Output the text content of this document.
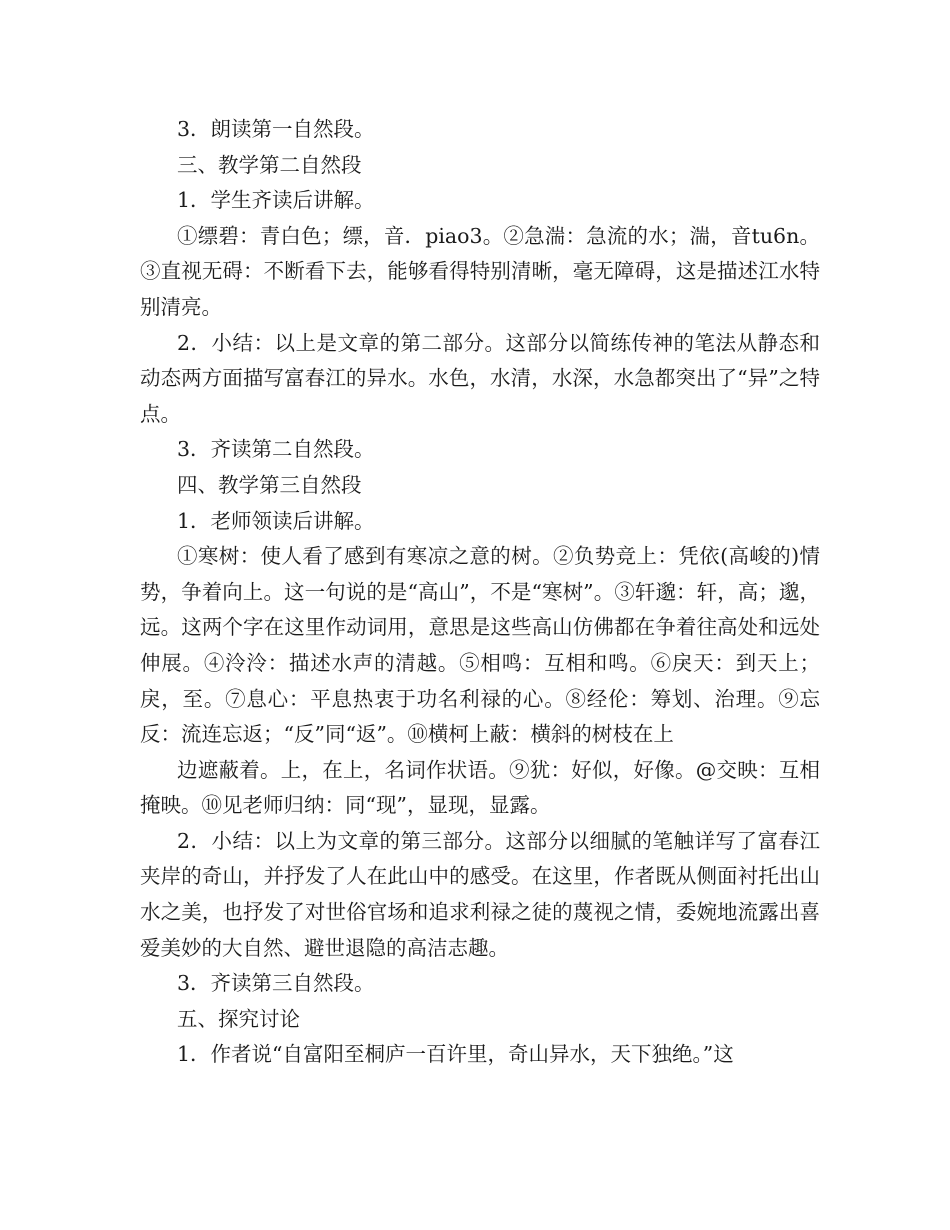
3．朗读第一自然段。

三、教学第二自然段

1．学生齐读后讲解。

①缥碧：青白色；缥，音．piao3。②急湍：急流的水；湍，音tu6n。③直视无碍：不断看下去，能够看得特别清晰，毫无障碍，这是描述江水特别清亮。

2．小结：以上是文章的第二部分。这部分以简练传神的笔法从静态和动态两方面描写富春江的异水。水色，水清，水深，水急都突出了“异”之特点。

3．齐读第二自然段。

四、教学第三自然段

1．老师领读后讲解。

①寒树：使人看了感到有寒凉之意的树。②负势竞上：凭依(高峻的)情势，争着向上。这一句说的是“高山”，不是“寒树”。③轩邈：轩，高；邈，远。这两个字在这里作动词用，意思是这些高山仿佛都在争着往高处和远处伸展。④泠泠：描述水声的清越。⑤相鸣：互相和鸣。⑥戾天：到天上；戾，至。⑦息心：平息热衷于功名利禄的心。⑧经伦：筹划、治理。⑨忘反：流连忘返；“反”同“返”。⑩横柯上蔽：横斜的树枝在上

边遮蔽着。上，在上，名词作状语。⑨犹：好似，好像。@交映：互相掩映。⑩见老师归纳：同“现”，显现，显露。

2．小结：以上为文章的第三部分。这部分以细腻的笔触详写了富春江夹岸的奇山，并抒发了人在此山中的感受。在这里，作者既从侧面衬托出山水之美，也抒发了对世俗官场和追求利禄之徒的蔑视之情，委婉地流露出喜爱美妙的大自然、避世退隐的高洁志趣。

3．齐读第三自然段。

五、探究讨论

1．作者说“自富阳至桐庐一百许里，奇山异水，天下独绝。”这
